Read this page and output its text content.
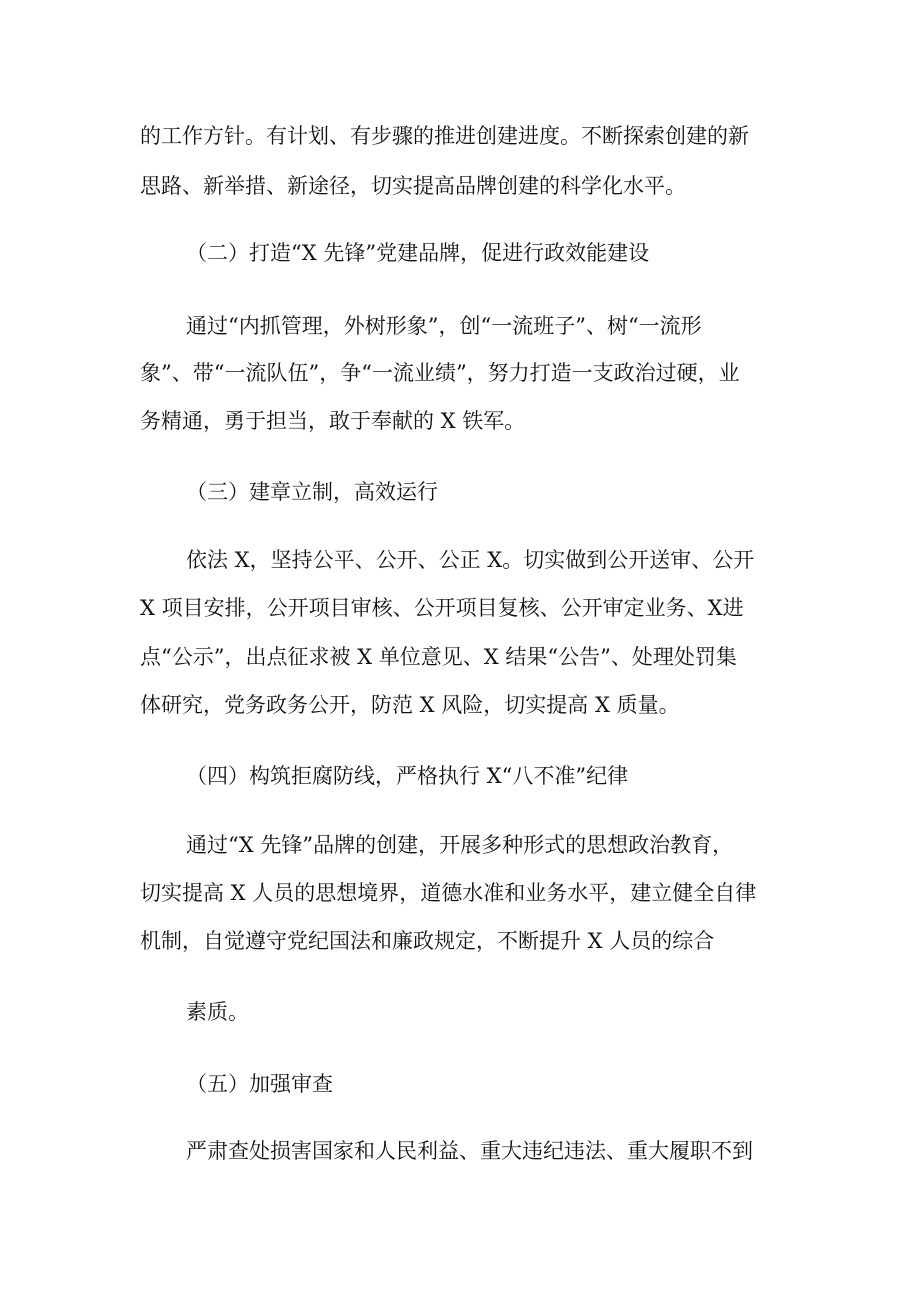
的工作方针。有计划、有步骤的推进创建进度。不断探索创建的新
思路、新举措、新途径，切实提高品牌创建的科学化水平。
（二）打造“X 先锋”党建品牌，促进行政效能建设
通过“内抓管理，外树形象”，创“一流班子”、树“一流形
象”、带“一流队伍”，争“一流业绩”，努力打造一支政治过硬，业
务精通，勇于担当，敢于奉献的 X 铁军。
（三）建章立制，高效运行
依法 X，坚持公平、公开、公正 X。切实做到公开送审、公开
X 项目安排，公开项目审核、公开项目复核、公开审定业务、X进
点“公示”，出点征求被 X 单位意见、X 结果“公告”、处理处罚集
体研究，党务政务公开，防范 X 风险，切实提高 X 质量。
（四）构筑拒腐防线，严格执行 X“八不准”纪律
通过“X 先锋”品牌的创建，开展多种形式的思想政治教育，
切实提高 X 人员的思想境界，道德水准和业务水平，建立健全自律
机制，自觉遵守党纪国法和廉政规定，不断提升 X 人员的综合
素质。
（五）加强审查
严肃查处损害国家和人民利益、重大违纪违法、重大履职不到
